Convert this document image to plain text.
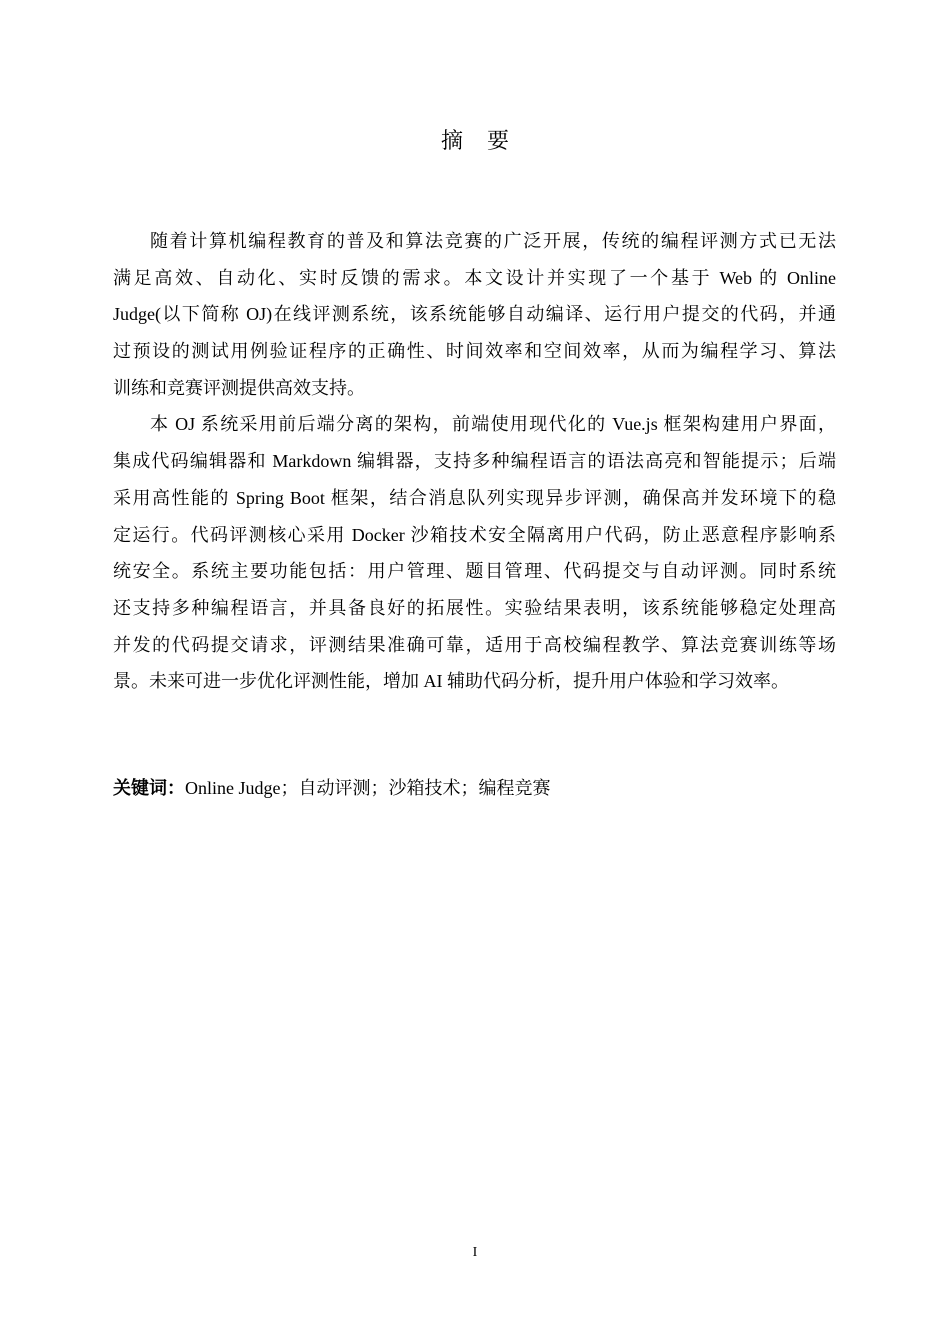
摘要
随着计算机编程教育的普及和算法竞赛的广泛开展，传统的编程评测方式已无法
满足高效、自动化、实时反馈的需求。本文设计并实现了一个基于 Web 的 Online
Judge(以下简称 OJ)在线评测系统，该系统能够自动编译、运行用户提交的代码，并通
过预设的测试用例验证程序的正确性、时间效率和空间效率，从而为编程学习、算法
训练和竞赛评测提供高效支持。
本 OJ 系统采用前后端分离的架构，前端使用现代化的 Vue.js 框架构建用户界面，
集成代码编辑器和 Markdown 编辑器，支持多种编程语言的语法高亮和智能提示；后端
采用高性能的 Spring Boot 框架，结合消息队列实现异步评测，确保高并发环境下的稳
定运行。代码评测核心采用 Docker 沙箱技术安全隔离用户代码，防止恶意程序影响系
统安全。系统主要功能包括：用户管理、题目管理、代码提交与自动评测。同时系统
还支持多种编程语言，并具备良好的拓展性。实验结果表明，该系统能够稳定处理高
并发的代码提交请求，评测结果准确可靠，适用于高校编程教学、算法竞赛训练等场
景。未来可进一步优化评测性能，增加 AI 辅助代码分析，提升用户体验和学习效率。
关键词：Online Judge；自动评测；沙箱技术；编程竞赛
I
